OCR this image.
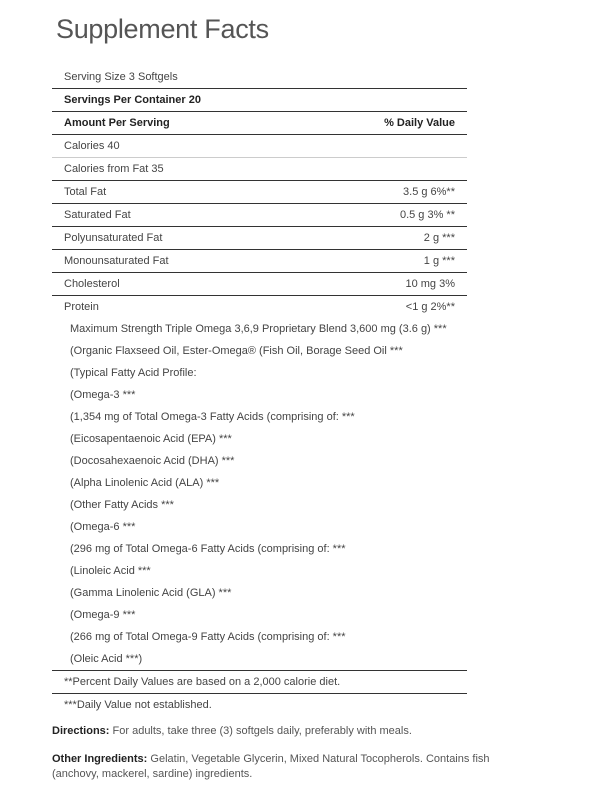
Supplement Facts
Serving Size 3 Softgels
Servings Per Container 20
Amount Per Serving	% Daily Value
Calories 40
Calories from Fat 35
Total Fat	3.5 g 6%**
Saturated Fat	0.5 g 3% **
Polyunsaturated Fat	2 g ***
Monounsaturated Fat	1 g ***
Cholesterol	10 mg 3%
Protein	<1 g 2%**
Maximum Strength Triple Omega 3,6,9 Proprietary Blend 3,600 mg (3.6 g) ***
(Organic Flaxseed Oil, Ester-Omega® (Fish Oil, Borage Seed Oil ***
(Typical Fatty Acid Profile:
(Omega-3 ***
(1,354 mg of Total Omega-3 Fatty Acids (comprising of: ***
(Eicosapentaenoic Acid (EPA) ***
(Docosahexaenoic Acid (DHA) ***
(Alpha Linolenic Acid (ALA) ***
(Other Fatty Acids ***
(Omega-6 ***
(296 mg of Total Omega-6 Fatty Acids (comprising of: ***
(Linoleic Acid ***
(Gamma Linolenic Acid (GLA) ***
(Omega-9 ***
(266 mg of Total Omega-9 Fatty Acids (comprising of: ***
(Oleic Acid ***)
**Percent Daily Values are based on a 2,000 calorie diet.
***Daily Value not established.
Directions: For adults, take three (3) softgels daily, preferably with meals.
Other Ingredients: Gelatin, Vegetable Glycerin, Mixed Natural Tocopherols. Contains fish (anchovy, mackerel, sardine) ingredients.
